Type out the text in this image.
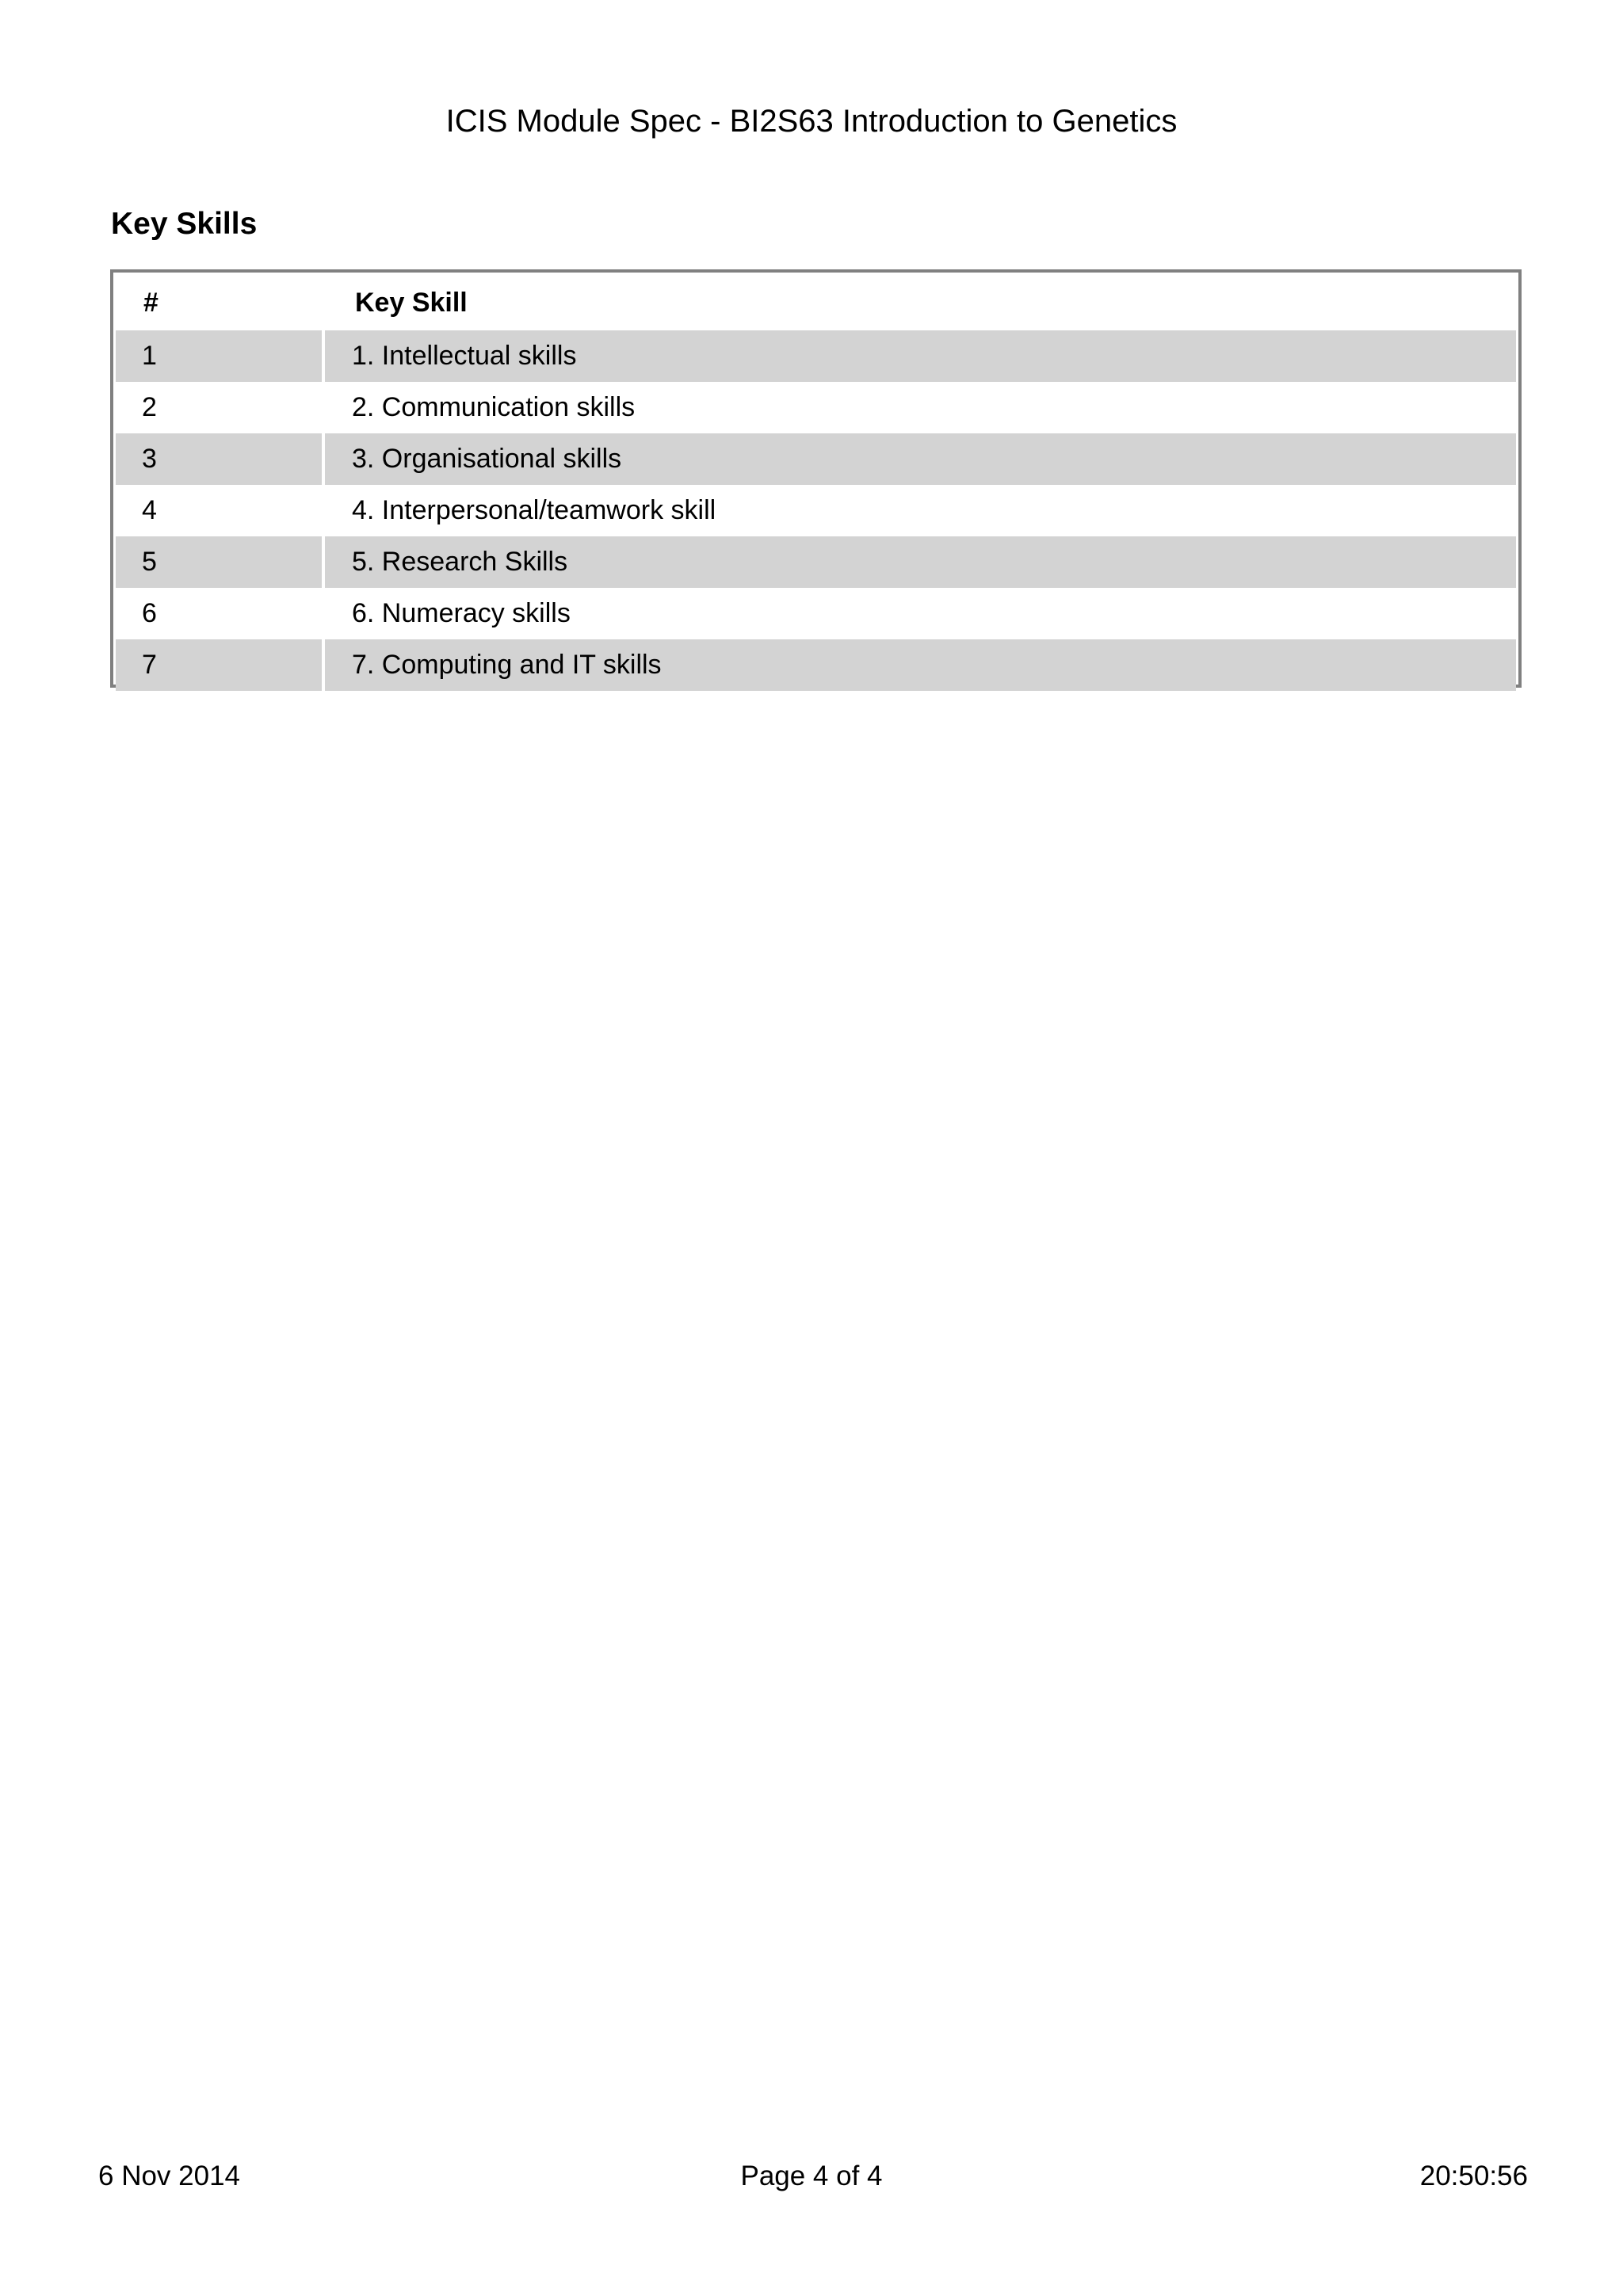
ICIS Module Spec - BI2S63 Introduction to Genetics
Key Skills
#	Key Skill
1	1. Intellectual skills
2	2. Communication skills
3	3. Organisational skills
4	4. Interpersonal/teamwork skill
5	5. Research Skills
6	6. Numeracy skills
7	7. Computing and IT skills
6 Nov 2014	Page 4 of 4	20:50:56
